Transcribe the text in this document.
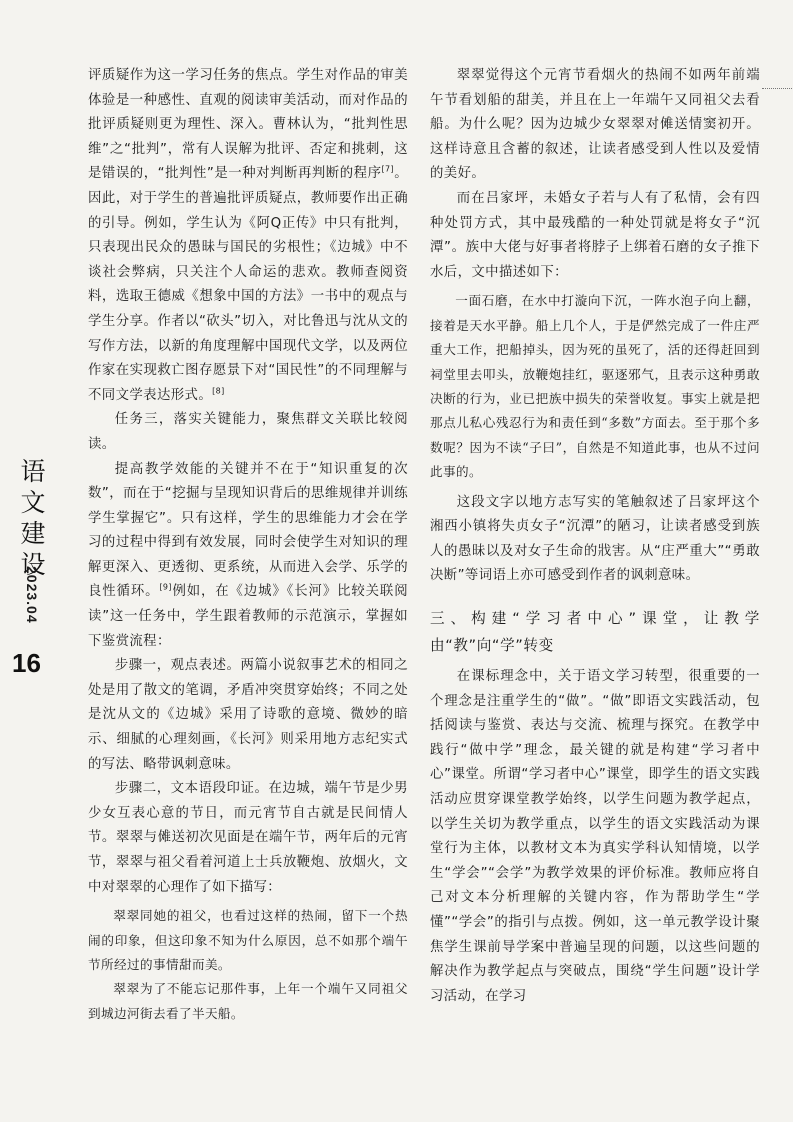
语
文
建
设
2023.04
16

评质疑作为这一学习任务的焦点。学生对作品的审美体验是一种感性、直观的阅读审美活动，而对作品的批评质疑则更为理性、深入。曹林认为，“批判性思维”之“批判”，常有人误解为批评、否定和挑刺，这是错误的，“批判性”是一种对判断再判断的程序[7]。因此，对于学生的普遍批评质疑点，教师要作出正确的引导。例如，学生认为《阿Q正传》中只有批判，只表现出民众的愚昧与国民的劣根性；《边城》中不谈社会弊病，只关注个人命运的悲欢。教师查阅资料，选取王德威《想象中国的方法》一书中的观点与学生分享。作者以“砍头”切入，对比鲁迅与沈从文的写作方法，以新的角度理解中国现代文学，以及两位作家在实现救亡图存愿景下对“国民性”的不同理解与不同文学表达形式。[8]

任务三，落实关键能力，聚焦群文关联比较阅读。

提高教学效能的关键并不在于“知识重复的次数”，而在于“挖掘与呈现知识背后的思维规律并训练学生掌握它”。只有这样，学生的思维能力才会在学习的过程中得到有效发展，同时会使学生对知识的理解更深入、更透彻、更系统，从而进入会学、乐学的良性循环。[9]例如，在《边城》《长河》比较关联阅读”这一任务中，学生跟着教师的示范演示，掌握如下鉴赏流程：

步骤一，观点表述。两篇小说叙事艺术的相同之处是用了散文的笔调，矛盾冲突贯穿始终；不同之处是沈从文的《边城》采用了诗歌的意境、微妙的暗示、细腻的心理刻画，《长河》则采用地方志纪实式的写法、略带讽刺意味。

步骤二，文本语段印证。在边城，端午节是少男少女互表心意的节日，而元宵节自古就是民间情人节。翠翠与傩送初次见面是在端午节，两年后的元宵节，翠翠与祖父看着河道上士兵放鞭炮、放烟火，文中对翠翠的心理作了如下描写：

翠翠同她的祖父，也看过这样的热闹，留下一个热闹的印象，但这印象不知为什么原因，总不如那个端午节所经过的事情甜而美。

翠翠为了不能忘记那件事，上年一个端午又同祖父到城边河街去看了半天船。

翠翠觉得这个元宵节看烟火的热闹不如两年前端午节看划船的甜美，并且在上一年端午又同祖父去看船。为什么呢？因为边城少女翠翠对傩送情窦初开。这样诗意且含蓄的叙述，让读者感受到人性以及爱情的美好。

而在吕家坪，未婚女子若与人有了私情，会有四种处罚方式，其中最残酷的一种处罚就是将女子“沉潭”。族中大佬与好事者将脖子上绑着石磨的女子推下水后，文中描述如下：

一面石磨，在水中打漩向下沉，一阵水泡子向上翻，接着是天水平静。船上几个人，于是俨然完成了一件庄严重大工作，把船掉头，因为死的虽死了，活的还得赶回到祠堂里去叩头，放鞭炮挂红，驱逐邪气，且表示这种勇敢决断的行为，业已把族中损失的荣誉收复。事实上就是把那点儿私心残忍行为和责任到“多数”方面去。至于那个多数呢？因为不读“子曰”，自然是不知道此事，也从不过问此事的。

这段文字以地方志写实的笔触叙述了吕家坪这个湘西小镇将失贞女子“沉潭”的陋习，让读者感受到族人的愚昧以及对女子生命的戕害。从“庄严重大”“勇敢决断”等词语上亦可感受到作者的讽刺意味。

三、构建“学习者中心”课堂，让教学由“教”向“学”转变

在课标理念中，关于语文学习转型，很重要的一个理念是注重学生的“做”。“做”即语文实践活动，包括阅读与鉴赏、表达与交流、梳理与探究。在教学中践行“做中学”理念，最关键的就是构建“学习者中心”课堂。所谓“学习者中心”课堂，即学生的语文实践活动应贯穿课堂教学始终，以学生问题为教学起点，以学生关切为教学重点，以学生的语文实践活动为课堂行为主体，以教材文本为真实学科认知情境，以学生“学会”“会学”为教学效果的评价标准。教师应将自己对文本分析理解的关键内容，作为帮助学生“学懂”“学会”的指引与点拨。例如，这一单元教学设计聚焦学生课前导学案中普遍呈现的问题，以这些问题的解决作为教学起点与突破点，围绕“学生问题”设计学习活动，在学习
